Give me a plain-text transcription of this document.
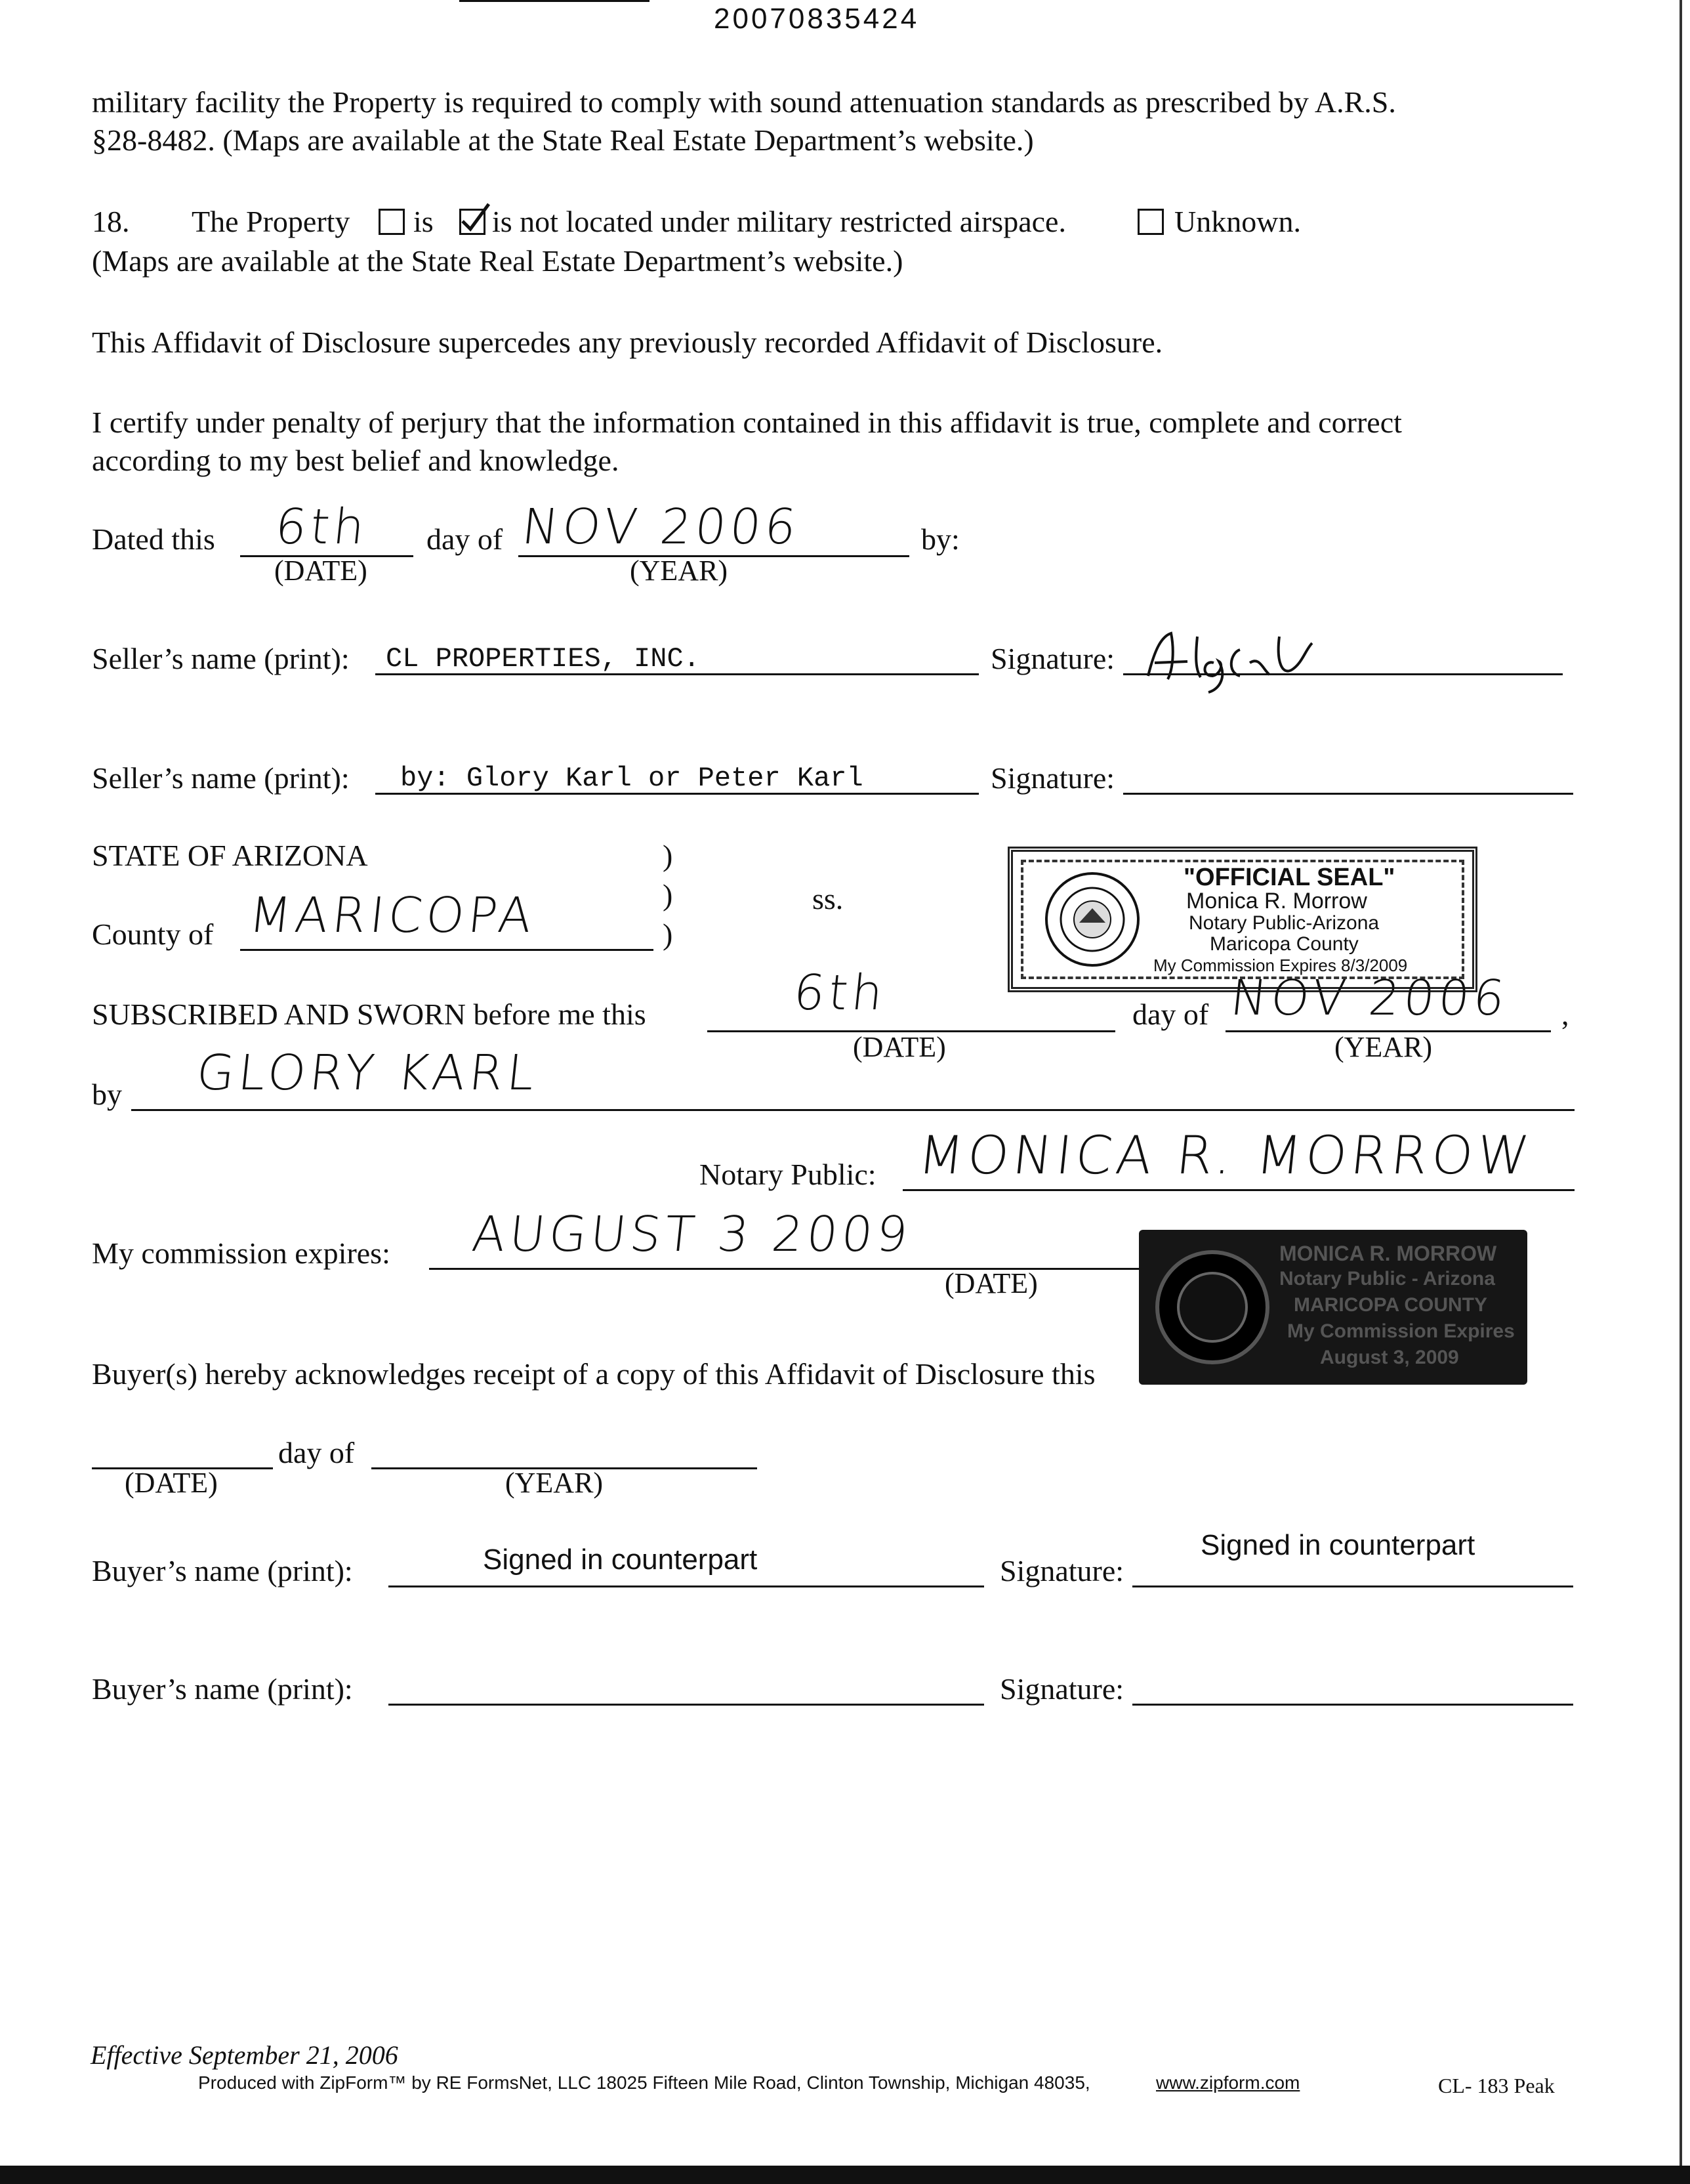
20070835424
military facility the Property is required to comply with sound attenuation standards as prescribed by A.R.S.
§28-8482. (Maps are available at the State Real Estate Department’s website.)
18. The Property is is not located under military restricted airspace.	Unknown.
(Maps are available at the State Real Estate Department’s website.)
This Affidavit of Disclosure supercedes any previously recorded Affidavit of Disclosure.
I certify under penalty of perjury that the information contained in this affidavit is true, complete and correct
according to my best belief and knowledge.
Dated this 6th
(DATE)
day of NOV 2006
(YEAR)
by:
Seller’s name (print): CL PROPERTIES, INC.	Signature:
Seller’s name (print): by: Glory Karl or Peter Karl	Signature:
STATE OF ARIZONA	)
)
)
ss.
County of MARICOPA
"OFFICIAL SEAL"
Monica R. Morrow
Notary Public-Arizona
Maricopa County
My Commission Expires 8/3/2009
SUBSCRIBED AND SWORN before me this	6th
(DATE)
day of NOV 2006
(YEAR)
,
by GLORY KARL
Notary Public: MONICA R. MORROW
My commission expires: AUGUST 3 2009
(DATE)
MONICA R. MORROW
Notary Public - Arizona
MARICOPA COUNTY
My Commission Expires
August 3, 2009
Buyer(s) hereby acknowledges receipt of a copy of this Affidavit of Disclosure this
(DATE)
day of
(YEAR)
Buyer’s name (print):	Signed in counterpart	Signature:
Signed in counterpart
Buyer’s name (print):	Signature:
Effective September 21, 2006
Produced with ZipForm™ by RE FormsNet, LLC 18025 Fifteen Mile Road, Clinton Township, Michigan 48035,	www.zipform.com	CL- 183 Peak
